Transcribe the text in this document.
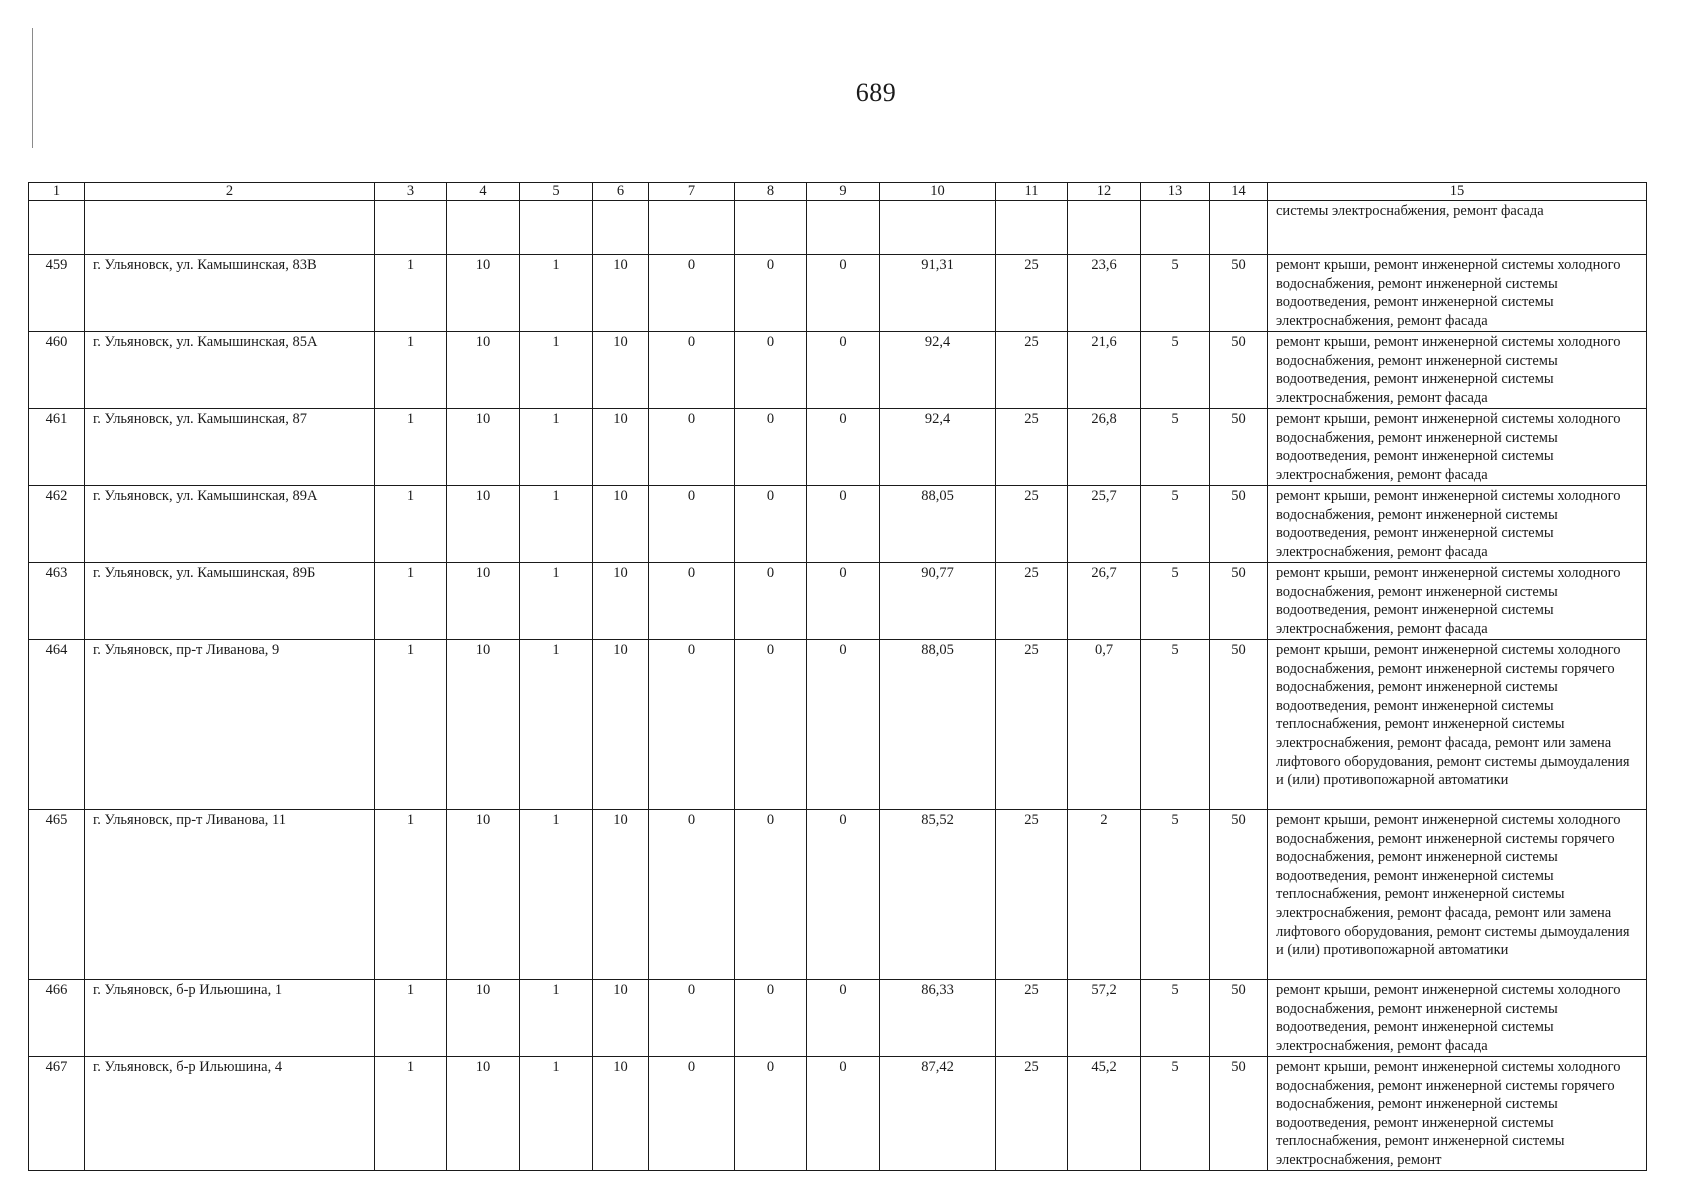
689
1	2	3	4	5	6	7	8	9	10	11	12	13	14	15
														системы электроснабжения, ремонт фасада
459	г. Ульяновск, ул. Камышинская, 83В	1	10	1	10	0	0	0	91,31	25	23,6	5	50	ремонт крыши, ремонт инженерной системы холодного водоснабжения, ремонт инженерной системы водоотведения, ремонт инженерной системы электроснабжения, ремонт фасада
460	г. Ульяновск, ул. Камышинская, 85А	1	10	1	10	0	0	0	92,4	25	21,6	5	50	ремонт крыши, ремонт инженерной системы холодного водоснабжения, ремонт инженерной системы водоотведения, ремонт инженерной системы электроснабжения, ремонт фасада
461	г. Ульяновск, ул. Камышинская, 87	1	10	1	10	0	0	0	92,4	25	26,8	5	50	ремонт крыши, ремонт инженерной системы холодного водоснабжения, ремонт инженерной системы водоотведения, ремонт инженерной системы электроснабжения, ремонт фасада
462	г. Ульяновск, ул. Камышинская, 89А	1	10	1	10	0	0	0	88,05	25	25,7	5	50	ремонт крыши, ремонт инженерной системы холодного водоснабжения, ремонт инженерной системы водоотведения, ремонт инженерной системы электроснабжения, ремонт фасада
463	г. Ульяновск, ул. Камышинская, 89Б	1	10	1	10	0	0	0	90,77	25	26,7	5	50	ремонт крыши, ремонт инженерной системы холодного водоснабжения, ремонт инженерной системы водоотведения, ремонт инженерной системы электроснабжения, ремонт фасада
464	г. Ульяновск, пр-т Ливанова, 9	1	10	1	10	0	0	0	88,05	25	0,7	5	50	ремонт крыши, ремонт инженерной системы холодного водоснабжения, ремонт инженерной системы горячего водоснабжения, ремонт инженерной системы водоотведения, ремонт инженерной системы теплоснабжения, ремонт инженерной системы электроснабжения, ремонт фасада, ремонт или замена лифтового оборудования, ремонт системы дымоудаления и (или) противопожарной автоматики
465	г. Ульяновск, пр-т Ливанова, 11	1	10	1	10	0	0	0	85,52	25	2	5	50	ремонт крыши, ремонт инженерной системы холодного водоснабжения, ремонт инженерной системы горячего водоснабжения, ремонт инженерной системы водоотведения, ремонт инженерной системы теплоснабжения, ремонт инженерной системы электроснабжения, ремонт фасада, ремонт или замена лифтового оборудования, ремонт системы дымоудаления и (или) противопожарной автоматики
466	г. Ульяновск, б-р Ильюшина, 1	1	10	1	10	0	0	0	86,33	25	57,2	5	50	ремонт крыши, ремонт инженерной системы холодного водоснабжения, ремонт инженерной системы водоотведения, ремонт инженерной системы электроснабжения, ремонт фасада
467	г. Ульяновск, б-р Ильюшина, 4	1	10	1	10	0	0	0	87,42	25	45,2	5	50	ремонт крыши, ремонт инженерной системы холодного водоснабжения, ремонт инженерной системы горячего водоснабжения, ремонт инженерной системы водоотведения, ремонт инженерной системы теплоснабжения, ремонт инженерной системы электроснабжения, ремонт
